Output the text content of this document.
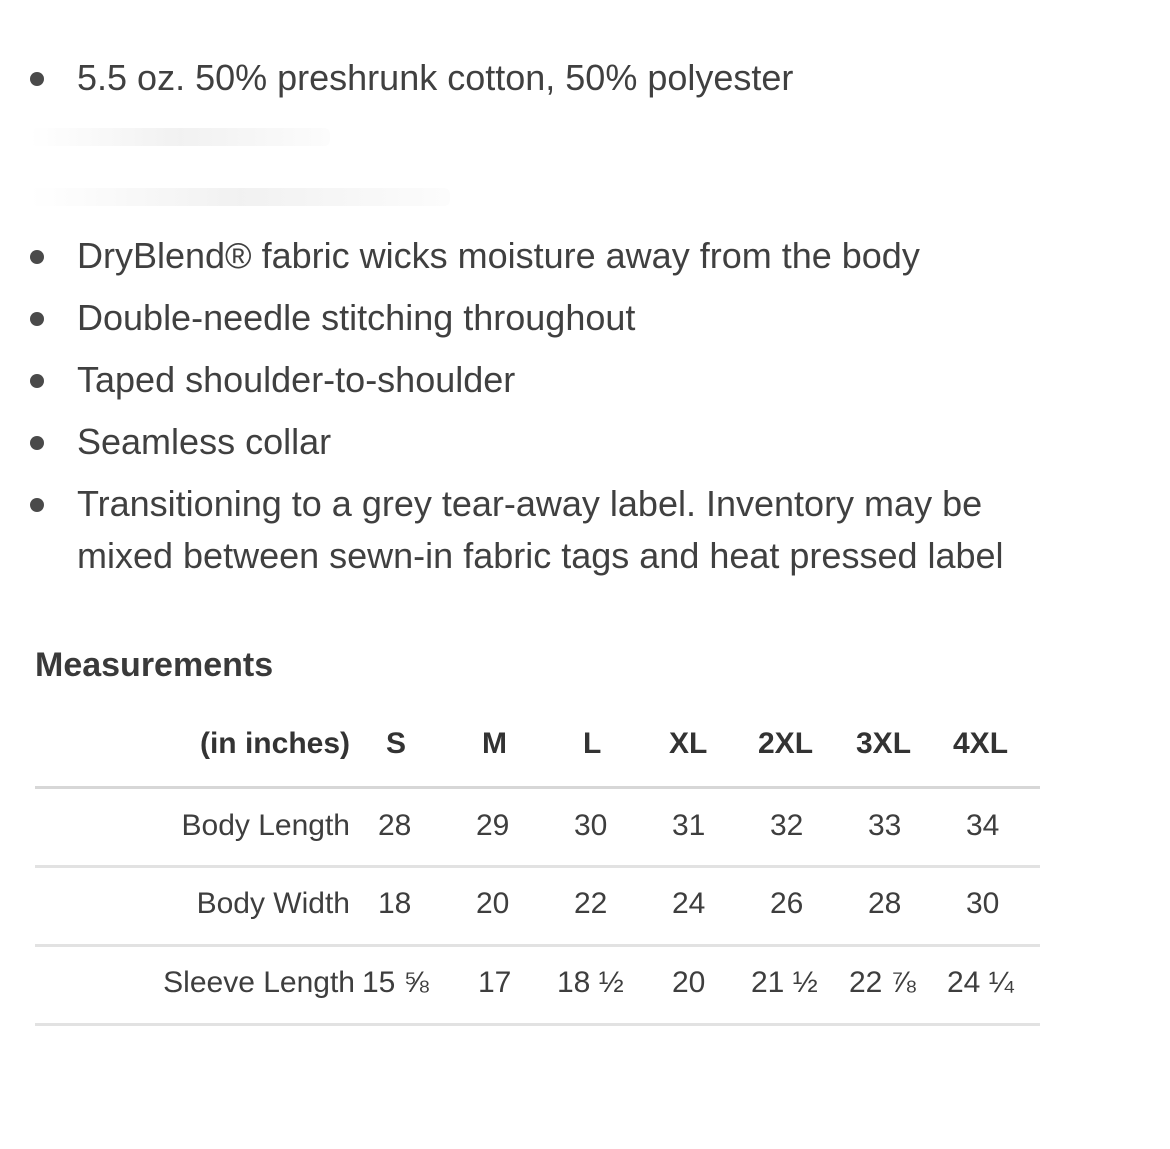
5.5 oz. 50% preshrunk cotton, 50% polyester
DryBlend® fabric wicks moisture away from the body
Double-needle stitching throughout
Taped shoulder-to-shoulder
Seamless collar
Transitioning to a grey tear-away label. Inventory may be
mixed between sewn-in fabric tags and heat pressed label
Measurements
(in inches) S	M	L XL 2XL 3XL 4XL
Body Length 28 29 30 31 32 33 34
Body Width 18 20 22 24 26 28 30
Sleeve Length 15 ⅝ 17 18 ½ 20 21 ½ 22 ⅞ 24 ¼
